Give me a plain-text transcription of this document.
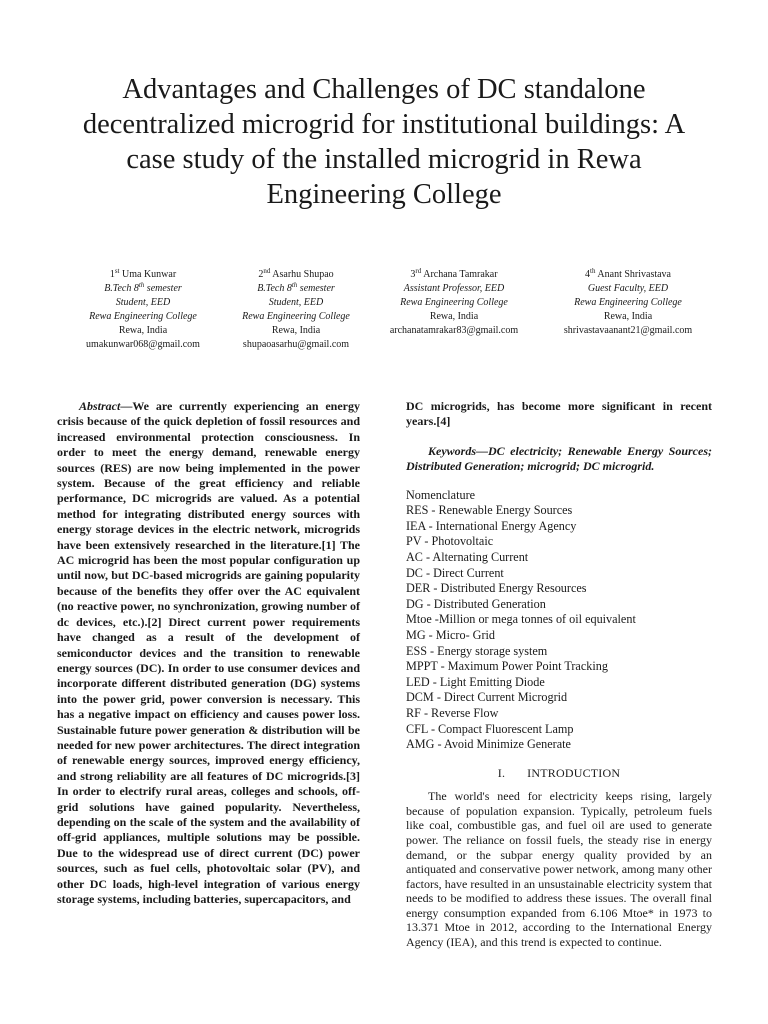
Advantages and Challenges of DC standalone
decentralized microgrid for institutional buildings: A
case study of the installed microgrid in Rewa
Engineering College
1st Uma Kunwar
B.Tech 8th semester
Student, EED
Rewa Engineering College
Rewa, India
umakunwar068@gmail.com
2nd Asarhu Shupao
B.Tech 8th semester
Student, EED
Rewa Engineering College
Rewa, India
shupaoasarhu@gmail.com
3rd Archana Tamrakar
Assistant Professor, EED
Rewa Engineering College
Rewa, India
archanatamrakar83@gmail.com
4th Anant Shrivastava
Guest Faculty, EED
Rewa Engineering College
Rewa, India
shrivastavaanant21@gmail.com

Abstract—We are currently experiencing an energy crisis because of the quick depletion of fossil resources and increased environmental protection consciousness. In order to meet the energy demand, renewable energy sources (RES) are now being implemented in the power system. Because of the great efficiency and reliable performance, DC microgrids are valued. As a potential method for integrating distributed energy sources with energy storage devices in the electric network, microgrids have been extensively researched in the literature.[1] The AC microgrid has been the most popular configuration up until now, but DC-based microgrids are gaining popularity because of the benefits they offer over the AC equivalent (no reactive power, no synchronization, growing number of dc devices, etc.).[2] Direct current power requirements have changed as a result of the development of semiconductor devices and the transition to renewable energy sources (DC). In order to use consumer devices and incorporate different distributed generation (DG) systems into the power grid, power conversion is necessary. This has a negative impact on efficiency and causes power loss. Sustainable future power generation & distribution will be needed for new power architectures. The direct integration of renewable energy sources, improved energy efficiency, and strong reliability are all features of DC microgrids.[3] In order to electrify rural areas, colleges and schools, off-grid solutions have gained popularity. Nevertheless, depending on the scale of the system and the availability of off-grid appliances, multiple solutions may be possible. Due to the widespread use of direct current (DC) power sources, such as fuel cells, photovoltaic solar (PV), and other DC loads, high-level integration of various energy storage systems, including batteries, supercapacitors, and

DC microgrids, has become more significant in recent years.[4]

Keywords—DC electricity; Renewable Energy Sources; Distributed Generation; microgrid; DC microgrid.

Nomenclature
RES - Renewable Energy Sources
IEA - International Energy Agency
PV - Photovoltaic
AC - Alternating Current
DC - Direct Current
DER - Distributed Energy Resources
DG - Distributed Generation
Mtoe -Million or mega tonnes of oil equivalent
MG - Micro- Grid
ESS - Energy storage system
MPPT - Maximum Power Point Tracking
LED - Light Emitting Diode
DCM - Direct Current Microgrid
RF - Reverse Flow
CFL - Compact Fluorescent Lamp
AMG - Avoid Minimize Generate
I. INTRODUCTION

The world's need for electricity keeps rising, largely because of population expansion. Typically, petroleum fuels like coal, combustible gas, and fuel oil are used to generate power. The reliance on fossil fuels, the steady rise in energy demand, or the subpar energy quality provided by an antiquated and conservative power network, among many other factors, have resulted in an unsustainable electricity system that needs to be modified to address these issues. The overall final energy consumption expanded from 6.106 Mtoe* in 1973 to 13.371 Mtoe in 2012, according to the International Energy Agency (IEA), and this trend is expected to continue.
